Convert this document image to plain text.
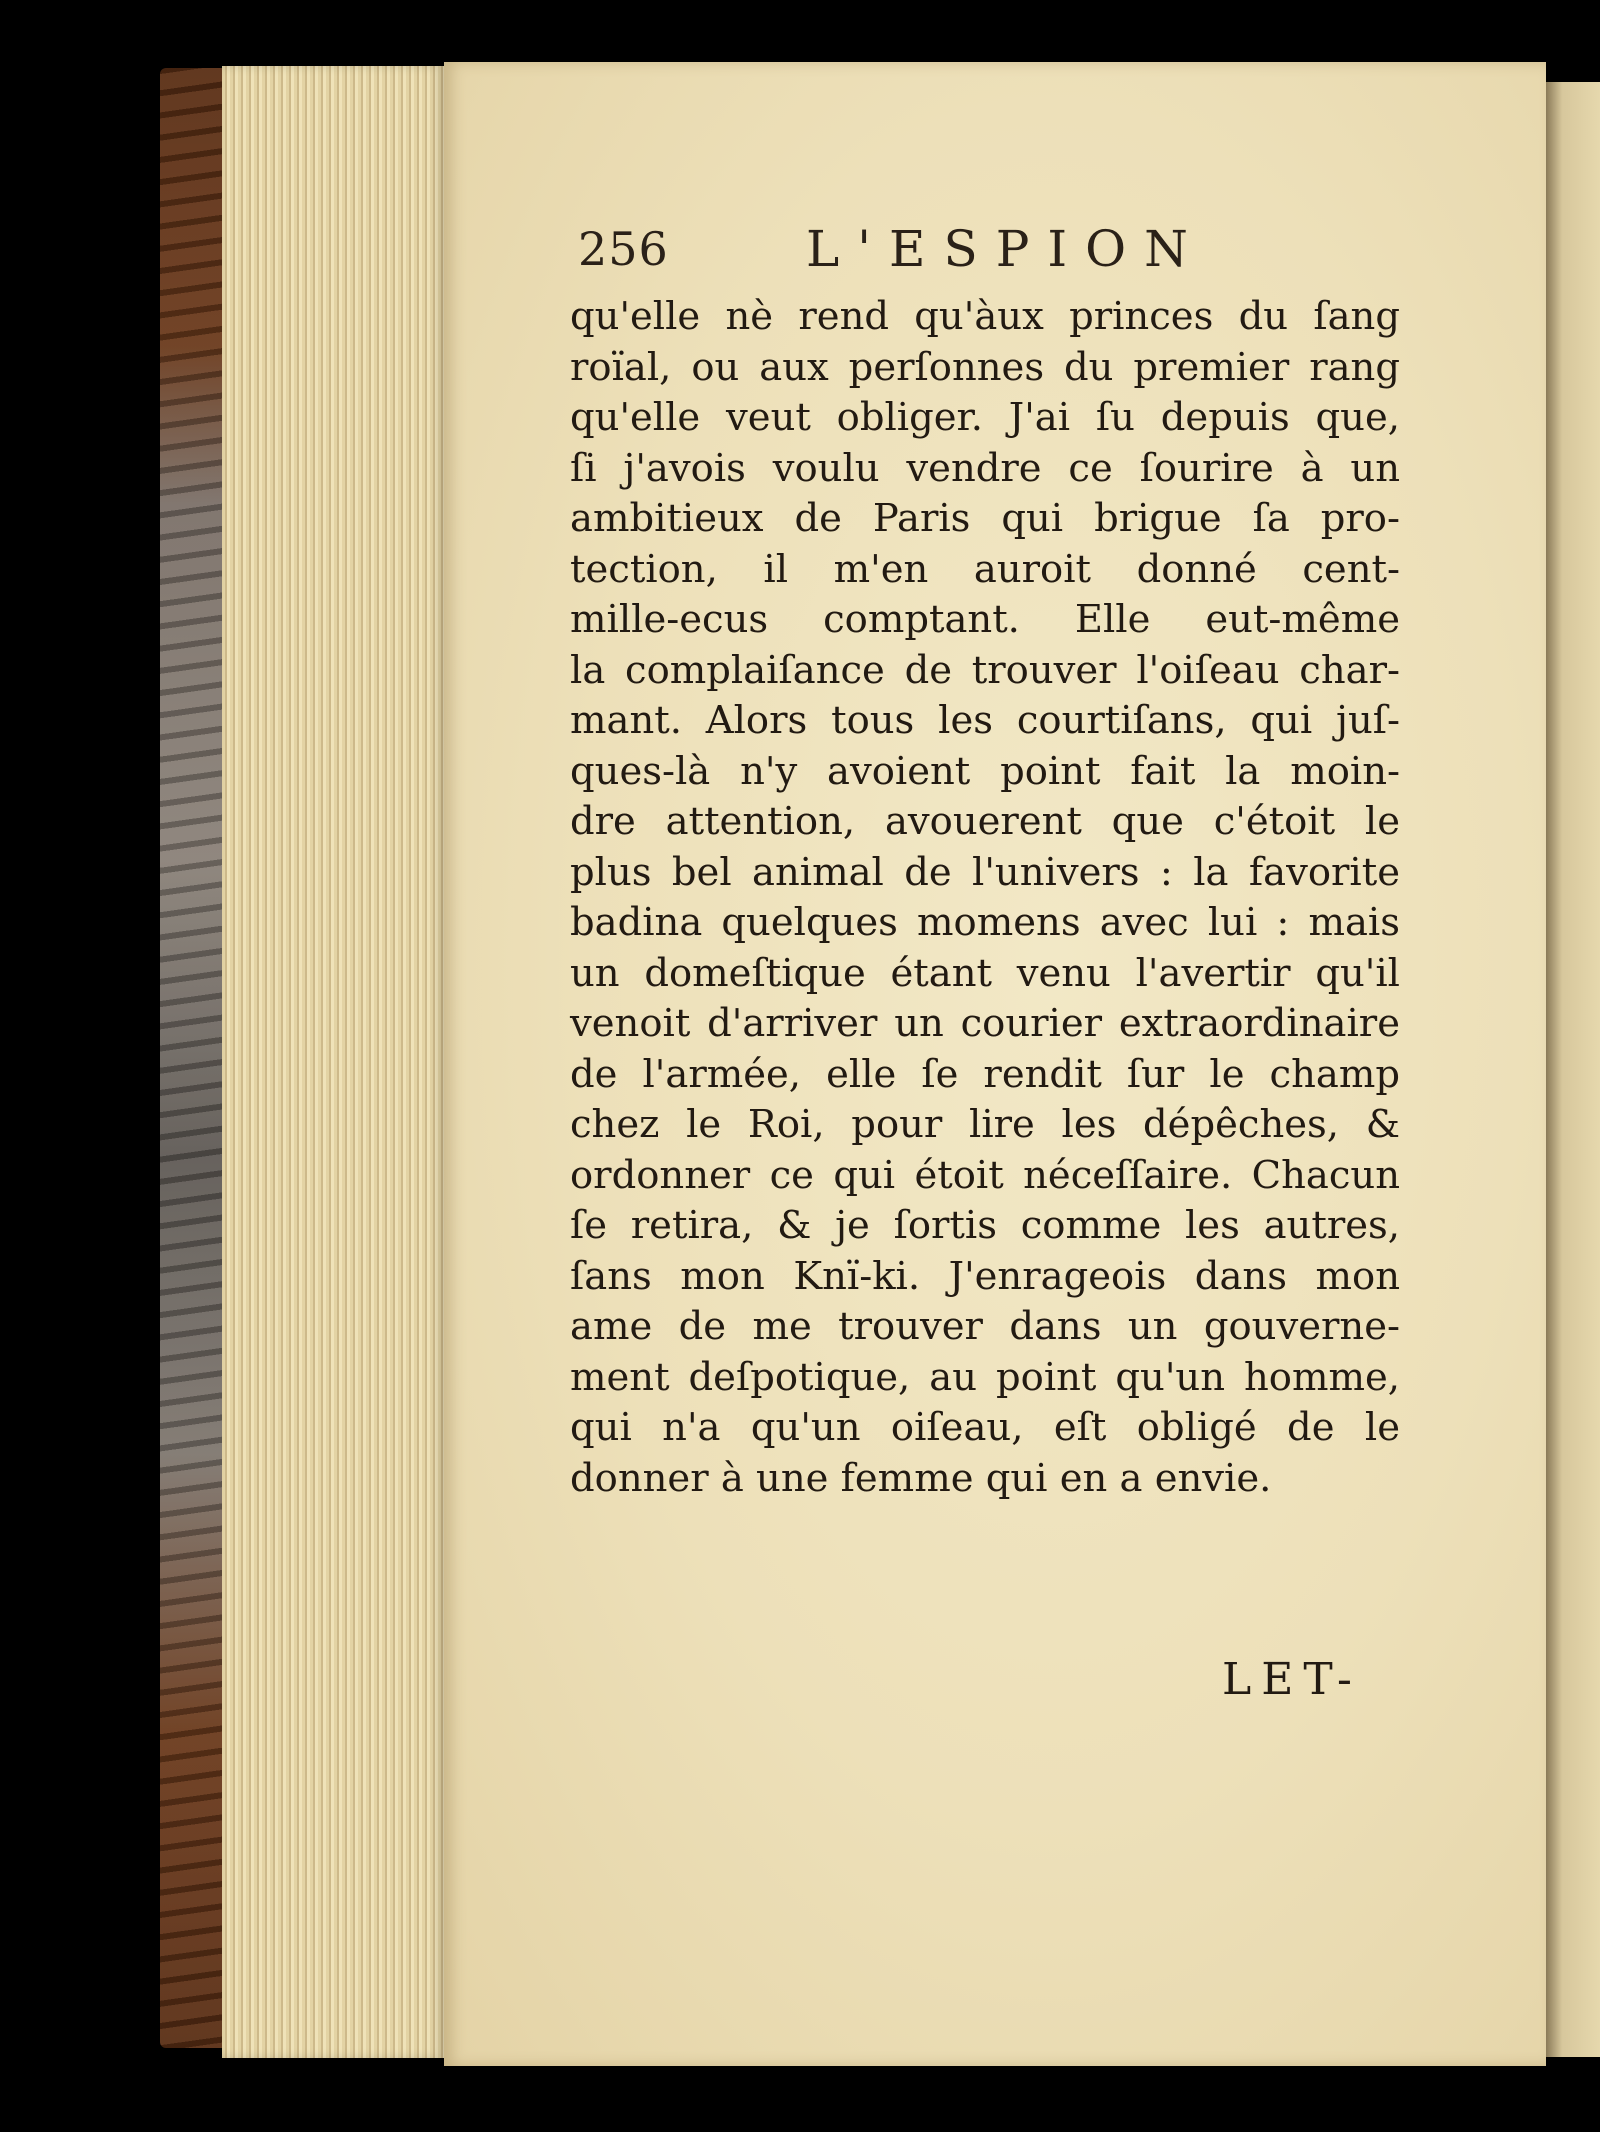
256	L'ESPION
qu'elle nè rend qu'àux princes du ſang
roïal, ou aux perſonnes du premier rang
qu'elle veut obliger. J'ai ſu depuis que,
ſi j'avois voulu vendre ce ſourire à un
ambitieux de Paris qui brigue ſa pro-
tection, il m'en auroit donné cent-
mille-ecus comptant. Elle eut-même
la complaiſance de trouver l'oiſeau char-
mant. Alors tous les courtiſans, qui juſ-
ques-là n'y avoient point fait la moin-
dre attention, avouerent que c'étoit le
plus bel animal de l'univers : la favorite
badina quelques momens avec lui : mais
un domeſtique étant venu l'avertir qu'il
venoit d'arriver un courier extraordinaire
de l'armée, elle ſe rendit ſur le champ
chez le Roi, pour lire les dépêches, &
ordonner ce qui étoit néceſſaire. Chacun
ſe retira, & je ſortis comme les autres,
ſans mon Knï-ki. J'enrageois dans mon
ame de me trouver dans un gouverne-
ment deſpotique, au point qu'un homme,
qui n'a qu'un oiſeau, eſt obligé de le
donner à une femme qui en a envie.
LET-
